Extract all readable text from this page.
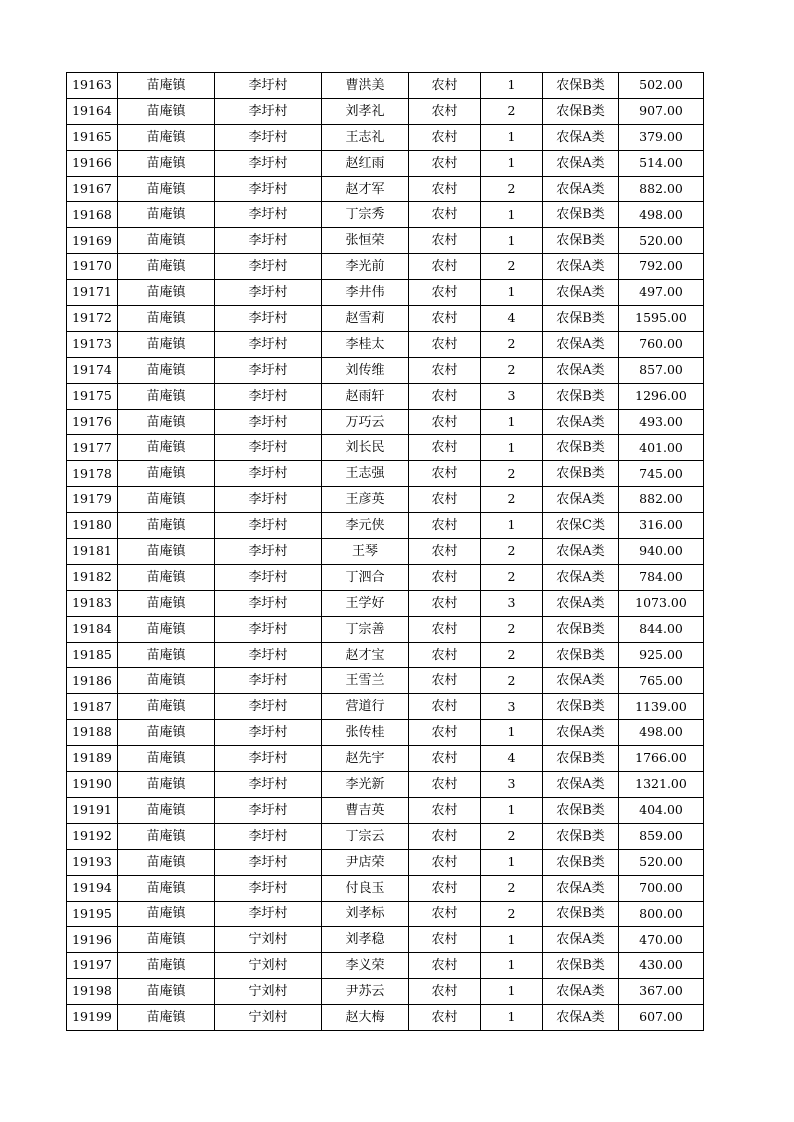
19163	苗庵镇	李圩村	曹洪美	农村	1	农保B类	502.00
19164	苗庵镇	李圩村	刘孝礼	农村	2	农保B类	907.00
19165	苗庵镇	李圩村	王志礼	农村	1	农保A类	379.00
19166	苗庵镇	李圩村	赵红雨	农村	1	农保A类	514.00
19167	苗庵镇	李圩村	赵才军	农村	2	农保A类	882.00
19168	苗庵镇	李圩村	丁宗秀	农村	1	农保B类	498.00
19169	苗庵镇	李圩村	张恒荣	农村	1	农保B类	520.00
19170	苗庵镇	李圩村	李光前	农村	2	农保A类	792.00
19171	苗庵镇	李圩村	李井伟	农村	1	农保A类	497.00
19172	苗庵镇	李圩村	赵雪莉	农村	4	农保B类	1595.00
19173	苗庵镇	李圩村	李桂太	农村	2	农保A类	760.00
19174	苗庵镇	李圩村	刘传维	农村	2	农保A类	857.00
19175	苗庵镇	李圩村	赵雨轩	农村	3	农保B类	1296.00
19176	苗庵镇	李圩村	万巧云	农村	1	农保A类	493.00
19177	苗庵镇	李圩村	刘长民	农村	1	农保B类	401.00
19178	苗庵镇	李圩村	王志强	农村	2	农保B类	745.00
19179	苗庵镇	李圩村	王彦英	农村	2	农保A类	882.00
19180	苗庵镇	李圩村	李元侠	农村	1	农保C类	316.00
19181	苗庵镇	李圩村	王琴	农村	2	农保A类	940.00
19182	苗庵镇	李圩村	丁泗合	农村	2	农保A类	784.00
19183	苗庵镇	李圩村	王学好	农村	3	农保A类	1073.00
19184	苗庵镇	李圩村	丁宗善	农村	2	农保B类	844.00
19185	苗庵镇	李圩村	赵才宝	农村	2	农保B类	925.00
19186	苗庵镇	李圩村	王雪兰	农村	2	农保A类	765.00
19187	苗庵镇	李圩村	营道行	农村	3	农保B类	1139.00
19188	苗庵镇	李圩村	张传桂	农村	1	农保A类	498.00
19189	苗庵镇	李圩村	赵先宇	农村	4	农保B类	1766.00
19190	苗庵镇	李圩村	李光新	农村	3	农保A类	1321.00
19191	苗庵镇	李圩村	曹吉英	农村	1	农保B类	404.00
19192	苗庵镇	李圩村	丁宗云	农村	2	农保B类	859.00
19193	苗庵镇	李圩村	尹店荣	农村	1	农保B类	520.00
19194	苗庵镇	李圩村	付良玉	农村	2	农保A类	700.00
19195	苗庵镇	李圩村	刘孝标	农村	2	农保B类	800.00
19196	苗庵镇	宁刘村	刘孝稳	农村	1	农保A类	470.00
19197	苗庵镇	宁刘村	李义荣	农村	1	农保B类	430.00
19198	苗庵镇	宁刘村	尹苏云	农村	1	农保A类	367.00
19199	苗庵镇	宁刘村	赵大梅	农村	1	农保A类	607.00
